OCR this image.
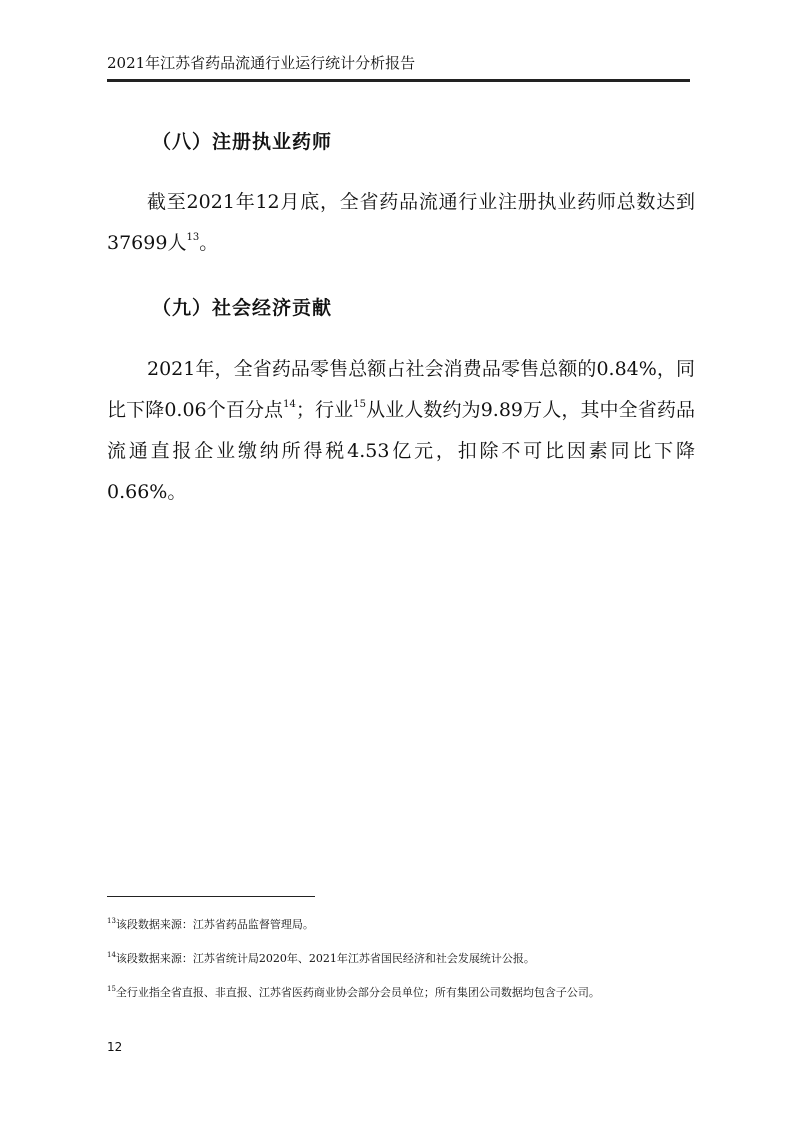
2021年江苏省药品流通行业运行统计分析报告
（八）注册执业药师

截至2021年12月底，全省药品流通行业注册执业药师总数达到37699人$^{13}$。

（九）社会经济贡献

2021年，全省药品零售总额占社会消费品零售总额的0.84%，同比下降0.06个百分点$^{14}$；行业$^{15}$从业人数约为9.89万人，其中全省药品流通直报企业缴纳所得税4.53亿元，扣除不可比因素同比下降0.66%。

$^{13}$该段数据来源：江苏省药品监督管理局。
$^{14}$该段数据来源：江苏省统计局2020年、2021年江苏省国民经济和社会发展统计公报。
$^{15}$全行业指全省直报、非直报、江苏省医药商业协会部分会员单位；所有集团公司数据均包含子公司。
12
